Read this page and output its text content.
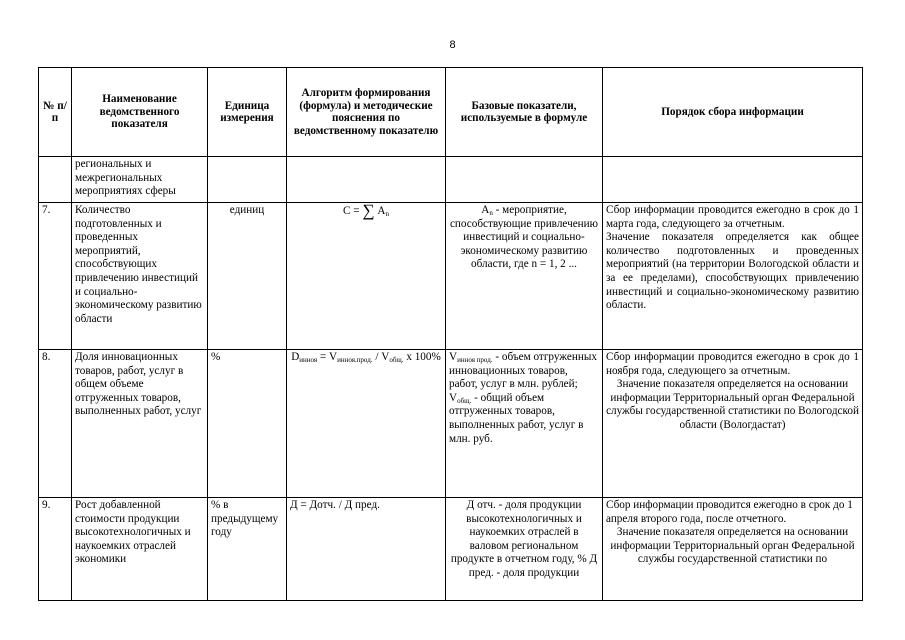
8
№ п/п	Наименование ведомственного показателя	Единица измерения	Алгоритм формирования (формула) и методические пояснения по ведомственному показателю	Базовые показатели, используемые в формуле	Порядок сбора информации
	региональных и межрегиональных мероприятиях сферы				
7.	Количество подготовленных и проведенных мероприятий, способствующих привлечению инвестиций и социально-экономическому развитию области	единиц	С = ∑ $А_n$	$А_n$ - мероприятие, способствующие привлечению инвестиций и социально-экономическому развитию области, где n = 1, 2 ...	Сбор информации проводится ежегодно в срок до 1 марта года, следующего за отчетным.
Значение показателя определяется как общее количество подготовленных и проведенных мероприятий (на территории Вологодской области и за ее пределами), способствующих привлечению инвестиций и социально-экономическому развитию области.

8.	Доля инновационных товаров, работ, услуг в общем объеме отгруженных товаров, выполненных работ, услуг	%	$D_{инноя} = V_{инноя.прод.} / V_{общ.}$ х 100%	$V_{инноя прод.}$ - объем отгруженных инновационных товаров, работ, услуг в млн. рублей;
$V_{общ.}$ - общий объем отгруженных товаров, выполненных работ, услуг в млн. руб.	Сбор информации проводится ежегодно в срок до 1 ноября года, следующего за отчетным.
Значение показателя определяется на основании информации Территориальный орган Федеральной службы государственной статистики по Вологодской области (Вологдастат)

9.	Рост добавленной стоимости продукции высокотехнологичных и наукоемких отраслей экономики	% в предыдущему году	Д = Дотч. / Д пред.	Д отч. - доля продукции высокотехнологичных и наукоемких отраслей в валовом региональном продукте в отчетном году, % Д пред. - доля продукции	Сбор информации проводится ежегодно в срок до 1 апреля второго года, после отчетного.
Значение показателя определяется на основании информации Территориальный орган Федеральной службы государственной статистики по
